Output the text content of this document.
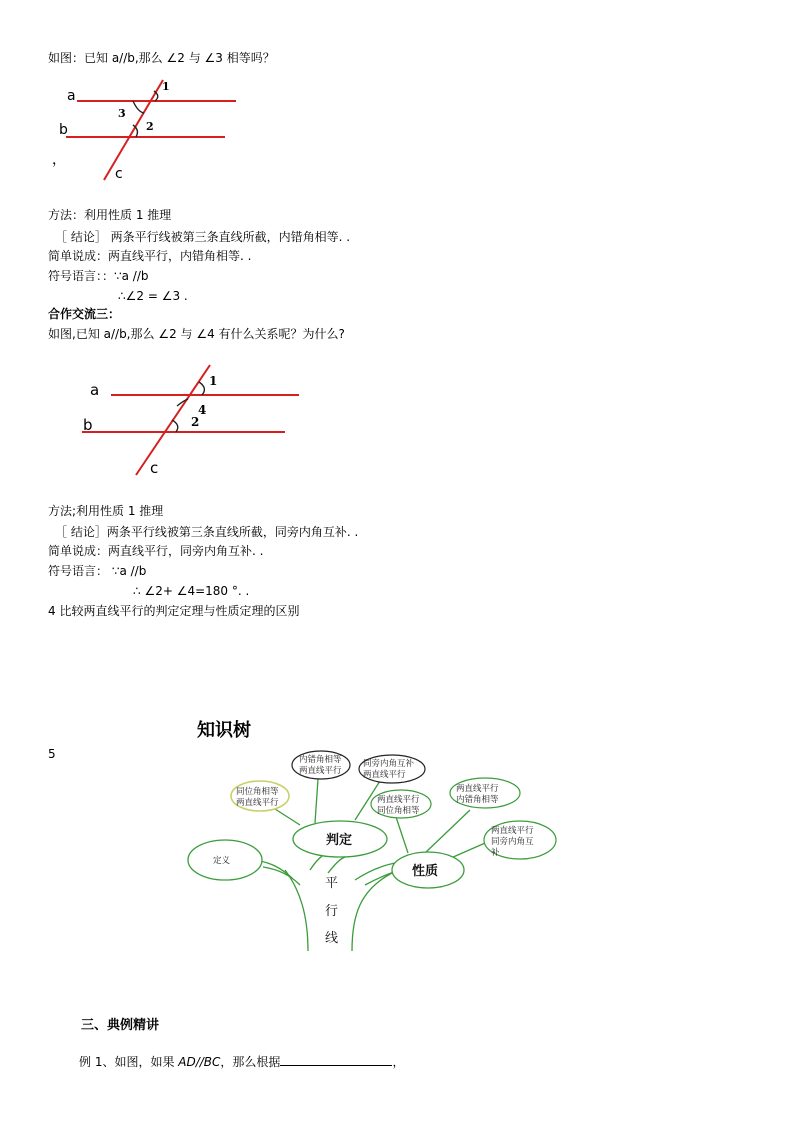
如图：已知 a//b,那么 ∠2 与 ∠3 相等吗？
a
b
c
1
3
2
，
方法：利用性质 1 推理
［ 结论］ 两条平行线被第三条直线所截，内错角相等. .
简单说成：两直线平行，内错角相等. .
符号语言：：∵a //b
∴∠2 = ∠3 .
合作交流三：
如图,已知 a//b,那么 ∠2 与 ∠4 有什么关系呢？为什么?
a
b
c
1
4
2
方法;利用性质 1 推理
［ 结论］两条平行线被第三条直线所截，同旁内角互补. .
简单说成：两直线平行，同旁内角互补. .
符号语言： ∵a //b
∴ ∠2+ ∠4=180 °. .
4 比较两直线平行的判定定理与性质定理的区别
知识树
5	内错角相等
两直线平行
同旁内角互补
两直线平行
同位角相等
两直线平行	两直线平行
同位角相等
两直线平行
内错角相等
两直线平行
同旁内角互
补
判定
性质
定义
平
行
线
三、典例精讲
例 1、如图，如果 AD//BC，那么根据	，
